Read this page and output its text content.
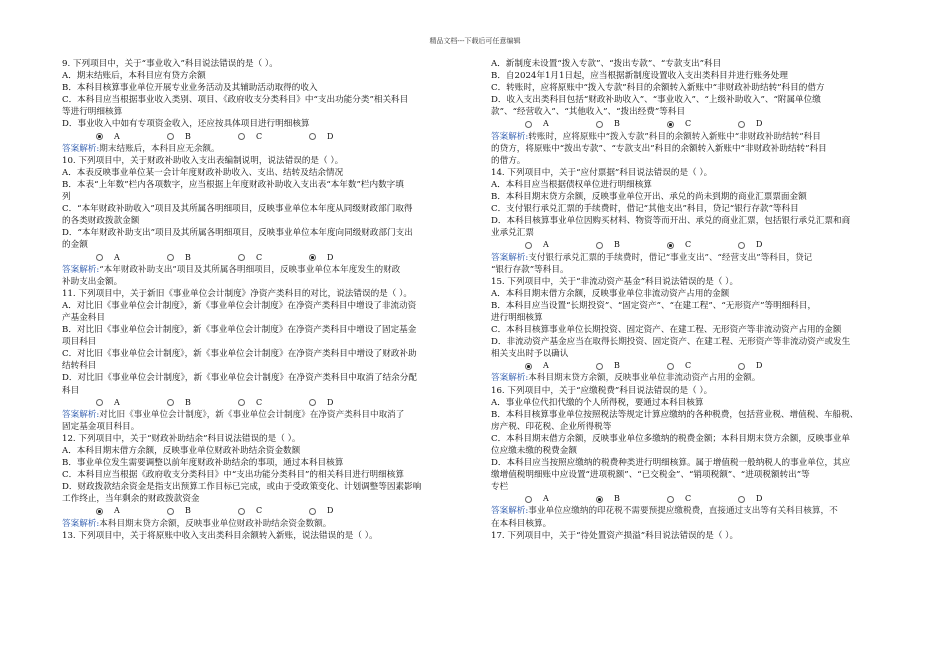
精品文档---下载后可任意编辑
9. 下列项目中，关于“事业收入”科目说法错误的是（ ）。
A．期末结账后，本科目应有贷方余额
B．本科目核算事业单位开展专业业务活动及其辅助活动取得的收入
C．本科目应当根据事业收入类别、项目、《政府收支分类科目》中“支出功能分类”相关科目
等进行明细核算
D．事业收入中如有专项资金收入，还应按具体项目进行明细核算
A	B	C	D
答案解析:期末结账后，本科目应无余额。
10. 下列项目中，关于财政补助收入支出表编制说明，说法错误的是（ ）。
A．本表反映事业单位某一会计年度财政补助收入、支出、结转及结余情况
B．本表“上年数”栏内各项数字，应当根据上年度财政补助收入支出表“本年数”栏内数字填
列
C．“本年财政补助收入”项目及其所属各明细项目，反映事业单位本年度从同级财政部门取得
的各类财政拨款金额
D．“本年财政补助支出”项目及其所属各明细项目，反映事业单位本年度向同级财政部门支出
的金额
A	B	C	D
答案解析:“本年财政补助支出”项目及其所属各明细项目，反映事业单位本年度发生的财政
补助支出金额。
11. 下列项目中，关于新旧《事业单位会计制度》净资产类科目的对比，说法错误的是（ ）。
A．对比旧《事业单位会计制度》，新《事业单位会计制度》在净资产类科目中增设了非流动资
产基金科目
B．对比旧《事业单位会计制度》，新《事业单位会计制度》在净资产类科目中增设了固定基金
项目科目
C．对比旧《事业单位会计制度》，新《事业单位会计制度》在净资产类科目中增设了财政补助
结转科目
D．对比旧《事业单位会计制度》，新《事业单位会计制度》在净资产类科目中取消了结余分配
科目
A	B	C	D
答案解析:对比旧《事业单位会计制度》，新《事业单位会计制度》在净资产类科目中取消了
固定基金项目科目。
12. 下列项目中，关于“财政补助结余”科目说法错误的是（ ）。
A．本科目期末借方余额，反映事业单位财政补助结余资金数额
B．事业单位发生需要调整以前年度财政补助结余的事项，通过本科目核算
C．本科目应当根据《政府收支分类科目》中“支出功能分类科目”的相关科目进行明细核算
D．财政拨款结余资金是指支出预算工作目标已完成，或由于受政策变化、计划调整等因素影响
工作终止，当年剩余的财政拨款资金
A	B	C	D
答案解析:本科目期末贷方余额，反映事业单位财政补助结余资金数额。
13. 下列项目中，关于将原账中收入支出类科目余额转入新账，说法错误的是（ ）。
A．新制度未设置“拨入专款”、“拨出专款”、“专款支出”科目
B．自2024年1月1日起，应当根据新制度设置收入支出类科目并进行账务处理
C．转账时，应将原账中“拨入专款”科目的余额转入新账中“非财政补助结转”科目的借方
D．收入支出类科目包括“财政补助收入”、“事业收入”、“上级补助收入”、“附属单位缴
款”、“经营收入”、“其他收入”、“拨出经费”等科目
A	B	C	D
答案解析:转账时，应将原账中“拨入专款”科目的余额转入新账中“非财政补助结转”科目
的贷方，将原账中“拨出专款”、“专款支出”科目的余额转入新账中“非财政补助结转”科目
的借方。
14. 下列项目中，关于“应付票据”科目说法错误的是（ ）。
A．本科目应当根据债权单位进行明细核算
B．本科目期末贷方余额，反映事业单位开出、承兑的尚未到期的商业汇票票面金额
C．支付银行承兑汇票的手续费时，借记“其他支出”科目，贷记“银行存款”等科目
D．本科目核算事业单位因购买材料、物资等而开出、承兑的商业汇票，包括银行承兑汇票和商
业承兑汇票
A	B	C	D
答案解析:支付银行承兑汇票的手续费时，借记“事业支出”、“经营支出”等科目，贷记
“银行存款”等科目。
15. 下列项目中，关于“非流动资产基金”科目说法错误的是（ ）。
A．本科目期末借方余额，反映事业单位非流动资产占用的金额
B．本科目应当设置“长期投资”、“固定资产”、“在建工程”、“无形资产”等明细科目，
进行明细核算
C．本科目核算事业单位长期投资、固定资产、在建工程、无形资产等非流动资产占用的金额
D．非流动资产基金应当在取得长期投资、固定资产、在建工程、无形资产等非流动资产或发生
相关支出时予以确认
A	B	C	D
答案解析:本科目期末贷方余额，反映事业单位非流动资产占用的金额。
16. 下列项目中，关于“应缴税费”科目说法错误的是（ ）。
A．事业单位代扣代缴的个人所得税，要通过本科目核算
B．本科目核算事业单位按照税法等规定计算应缴纳的各种税费，包括营业税、增值税、车船税、
房产税、印花税、企业所得税等
C．本科目期末借方余额，反映事业单位多缴纳的税费金额；本科目期末贷方余额，反映事业单
位应缴未缴的税费金额
D．本科目应当按照应缴纳的税费种类进行明细核算。属于增值税一般纳税人的事业单位，其应
缴增值税明细账中应设置“进项税额”、“已交税金”、“销项税额”、“进项税额转出”等
专栏
A	B	C	D
答案解析:事业单位应缴纳的印花税不需要预提应缴税费，直接通过支出等有关科目核算，不
在本科目核算。
17. 下列项目中，关于“待处置资产损溢”科目说法错误的是（ ）。
